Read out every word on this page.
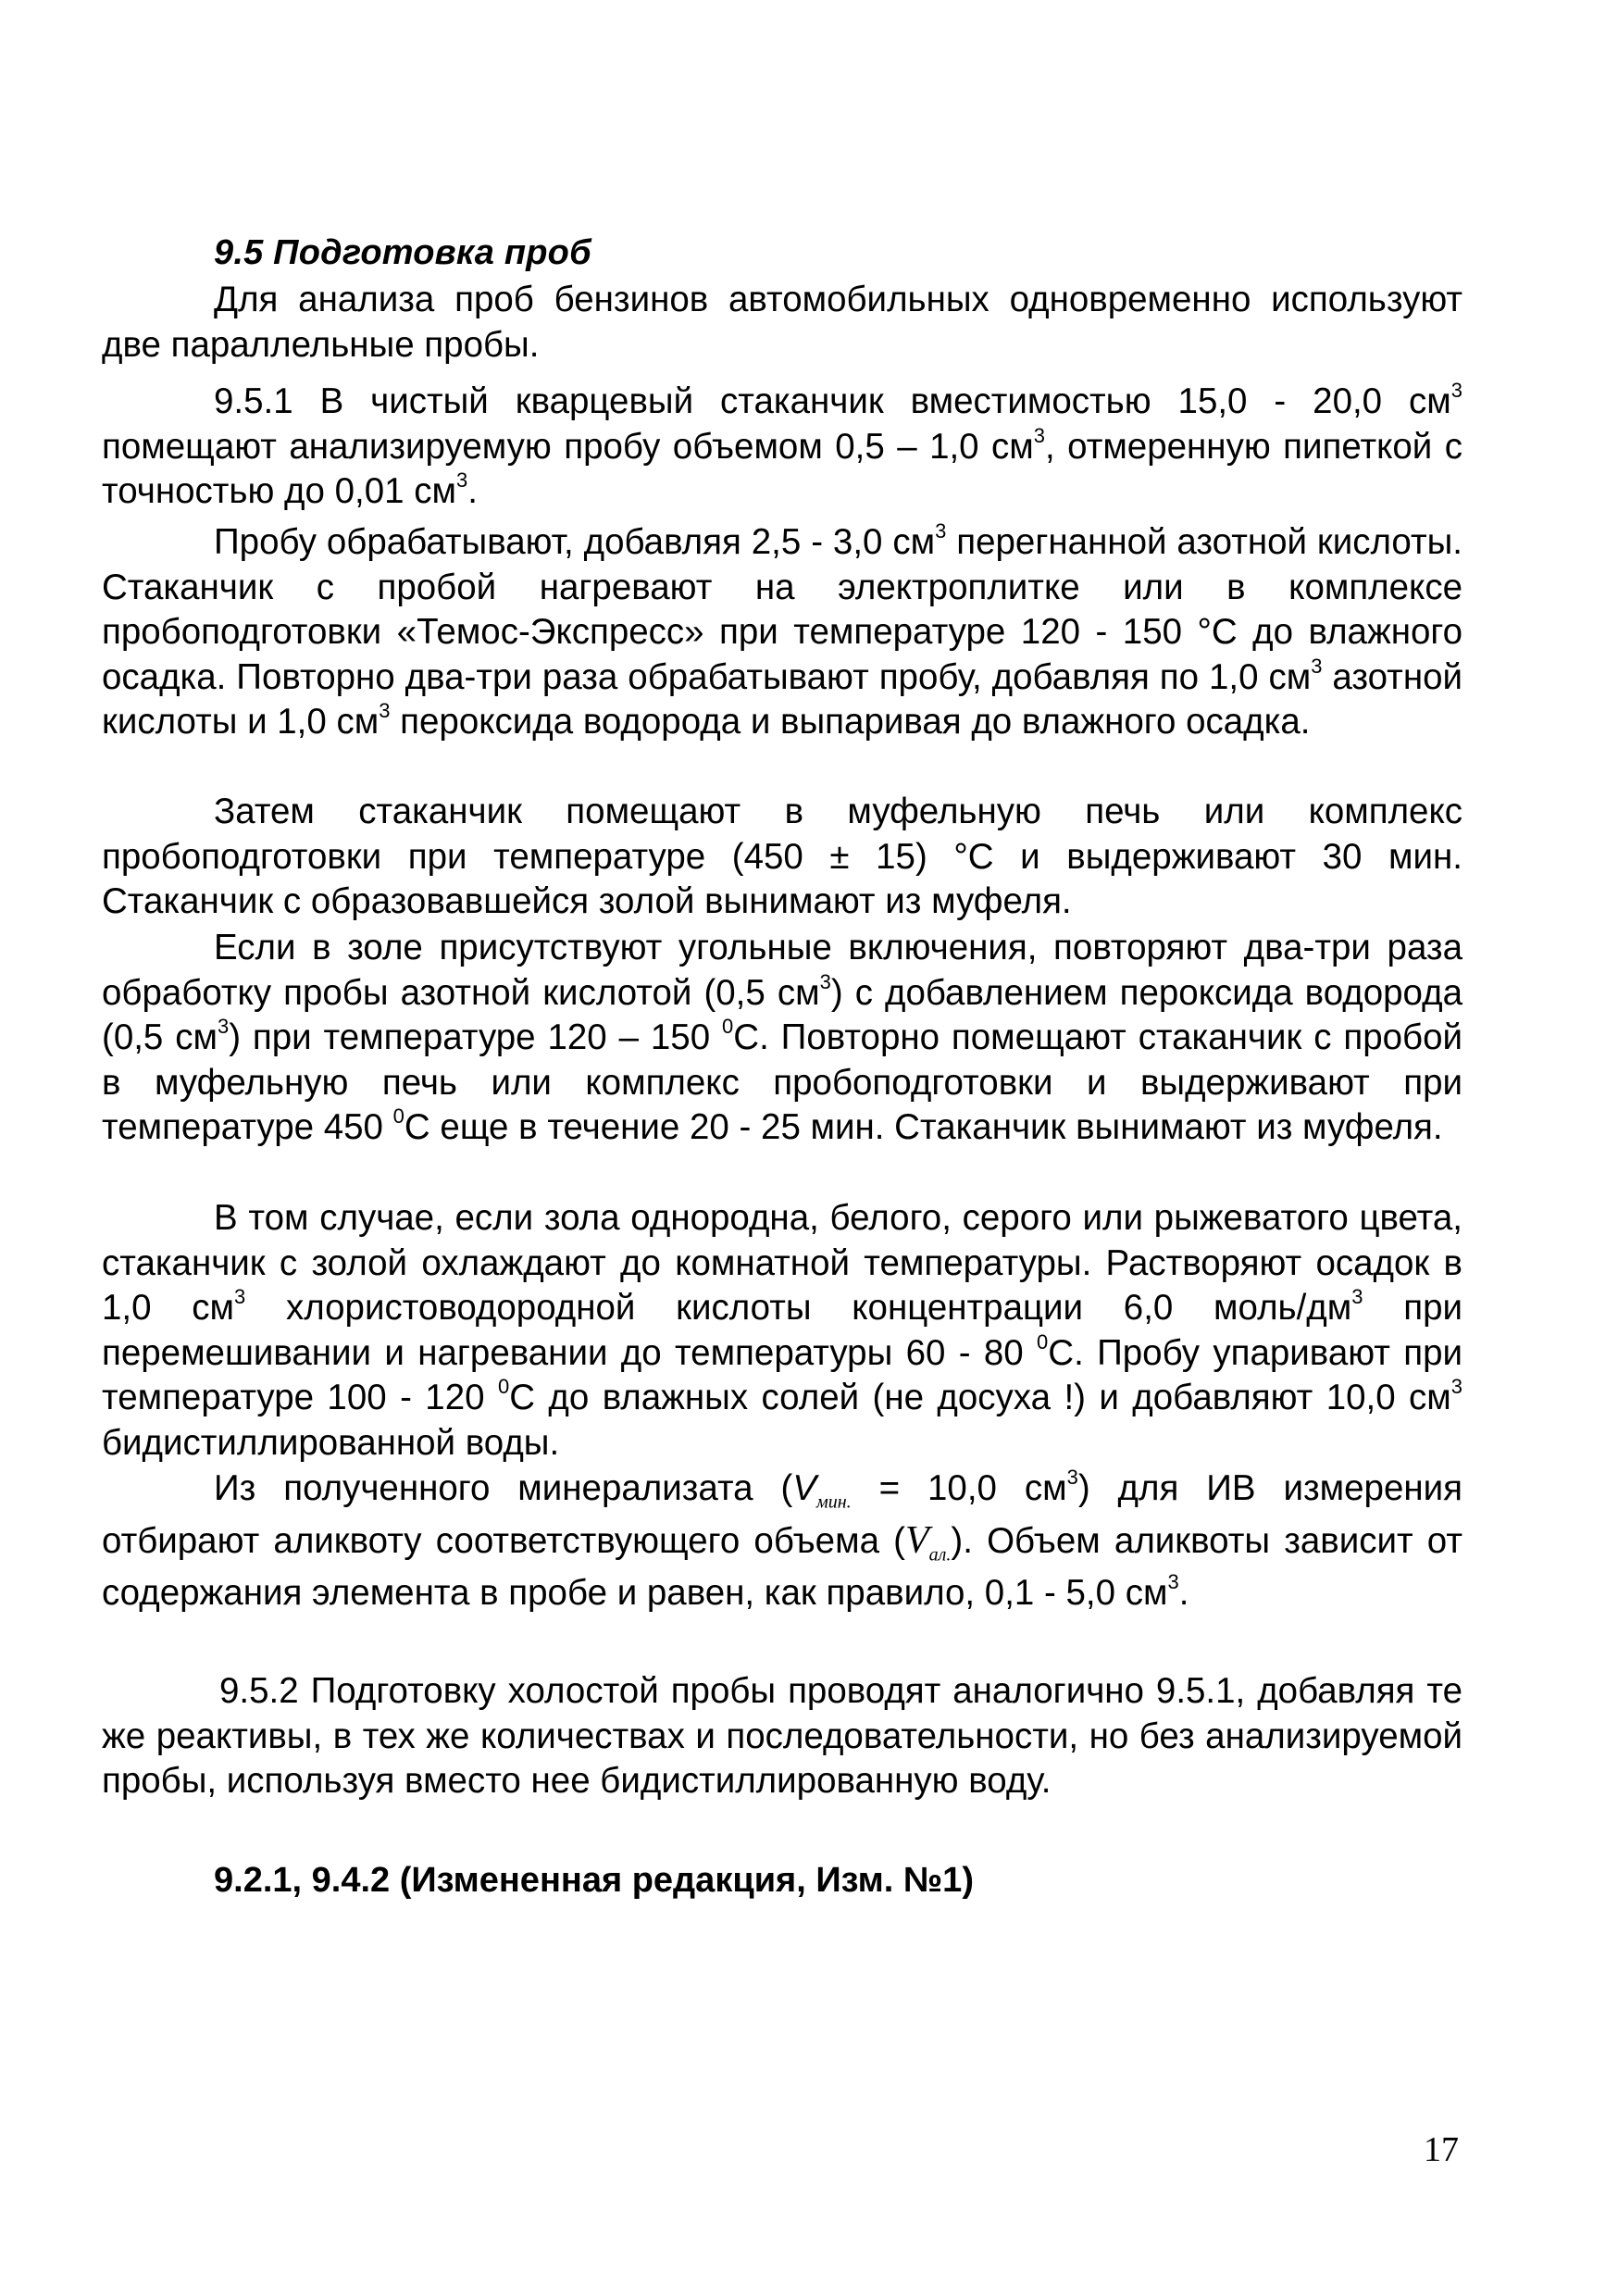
9.5 Подготовка проб
Для анализа проб бензинов автомобильных одновременно используют две параллельные пробы.
9.5.1 В чистый кварцевый стаканчик вместимостью 15,0 - 20,0 $см^3$ помещают анализируемую пробу объемом 0,5 – 1,0 $см^3$, отмеренную пипеткой с точностью до 0,01 $см^3$.
Пробу обрабатывают, добавляя 2,5 - 3,0 $см^3$ перегнанной азотной кислоты. Стаканчик с пробой нагревают на электроплитке или в комплексе пробоподготовки «Темос-Экспресс» при температуре 120 - 150 °С до влажного осадка. Повторно два-три раза обрабатывают пробу, добавляя по 1,0 $см^3$ азотной кислоты и 1,0 $см^3$ пероксида водорода и выпаривая до влажного осадка.
Затем стаканчик помещают в муфельную печь или комплекс пробоподготовки при температуре (450 ± 15) °С и выдерживают 30 мин. Стаканчик с образовавшейся золой вынимают из муфеля.
Если в золе присутствуют угольные включения, повторяют два-три раза обработку пробы азотной кислотой (0,5 $см^3$) с добавлением пероксида водорода (0,5 $см^3$) при температуре 120 – 150 $^0$С. Повторно помещают стаканчик с пробой в муфельную печь или комплекс пробоподготовки и выдерживают при температуре 450 $^0$С еще в течение 20 - 25 мин. Стаканчик вынимают из муфеля.
В том случае, если зола однородна, белого, серого или рыжеватого цвета, стаканчик с золой охлаждают до комнатной температуры. Растворяют осадок в 1,0 $см^3$ хлористоводородной кислоты концентрации 6,0 моль/$дм^3$ при перемешивании и нагревании до температуры 60 - 80 $^0$С. Пробу упаривают при температуре 100 - 120 $^0$С до влажных солей (не досуха !) и добавляют 10,0 $см^3$ бидистиллированной воды.
Из полученного минерализата ($V_{мин.} = 10,0$ $см^3$) для ИВ измерения отбирают аликвоту соответствующего объема $(V_{ал.})$. Объем аликвоты зависит от содержания элемента в пробе и равен, как правило, 0,1 - 5,0 $см^3$.
9.5.2 Подготовку холостой пробы проводят аналогично 9.5.1, добавляя те же реактивы, в тех же количествах и последовательности, но без анализируемой пробы, используя вместо нее бидистиллированную воду.
9.2.1, 9.4.2 (Измененная редакция, Изм. №1)
17
